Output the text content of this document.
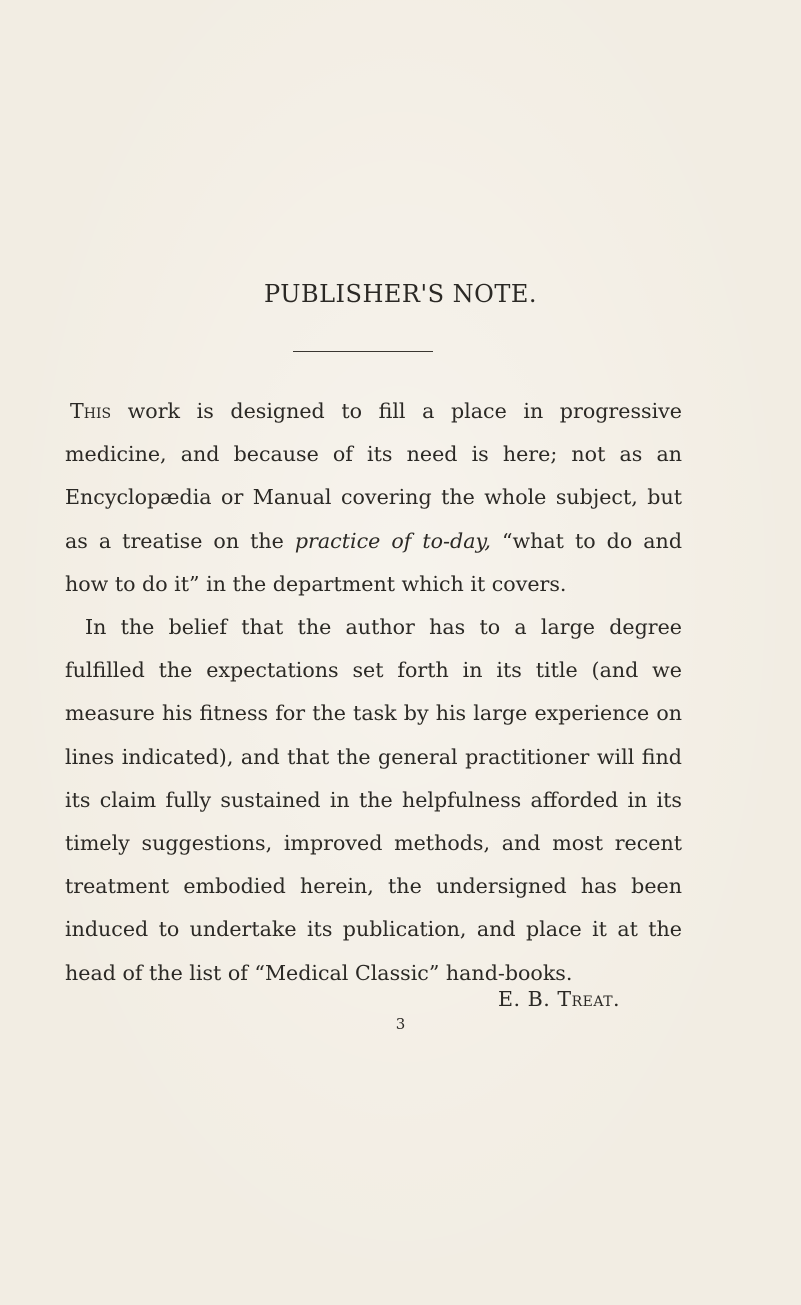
PUBLISHER'S NOTE.

This work is designed to fill a place in progressive medicine, and because of its need is here; not as an Encyclopædia or Manual covering the whole subject, but as a treatise on the practice of to-day, “what to do and how to do it” in the department which it covers.

In the belief that the author has to a large degree fulfilled the expectations set forth in its title (and we measure his fitness for the task by his large experience on lines indicated), and that the general practitioner will find its claim fully sustained in the helpfulness afforded in its timely suggestions, improved methods, and most recent treatment embodied herein, the undersigned has been induced to undertake its publication, and place it at the head of the list of “Medical Classic” hand-books.

E. B. Treat.

3
